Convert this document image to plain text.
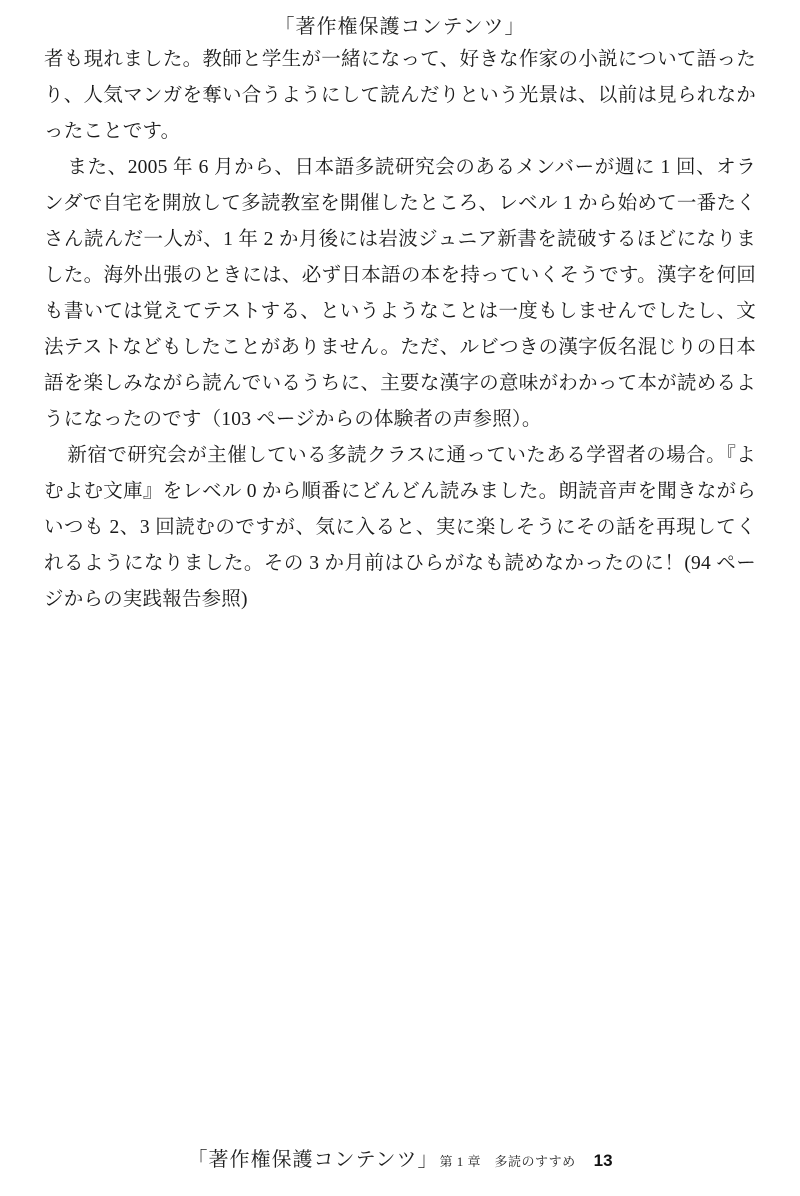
「著作権保護コンテンツ」

者も現れました。教師と学生が一緒になって、好きな作家の小説について語ったり、人気マンガを奪い合うようにして読んだりという光景は、以前は見られなかったことです。

また、2005 年 6 月から、日本語多読研究会のあるメンバーが週に 1 回、オランダで自宅を開放して多読教室を開催したところ、レベル 1 から始めて一番たくさん読んだ一人が、1 年 2 か月後には岩波ジュニア新書を読破するほどになりました。海外出張のときには、必ず日本語の本を持っていくそうです。漢字を何回も書いては覚えてテストする、というようなことは一度もしませんでしたし、文法テストなどもしたことがありません。ただ、ルビつきの漢字仮名混じりの日本語を楽しみながら読んでいるうちに、主要な漢字の意味がわかって本が読めるようになったのです（103 ページからの体験者の声参照）。

新宿で研究会が主催している多読クラスに通っていたある学習者の場合。『よむよむ文庫』をレベル 0 から順番にどんどん読みました。朗読音声を聞きながらいつも 2、3 回読むのですが、気に入ると、実に楽しそうにその話を再現してくれるようになりました。その 3 か月前はひらがなも読めなかったのに！(94 ページからの実践報告参照)

「著作権保護コンテンツ」第 1 章　多読のすすめ 13
